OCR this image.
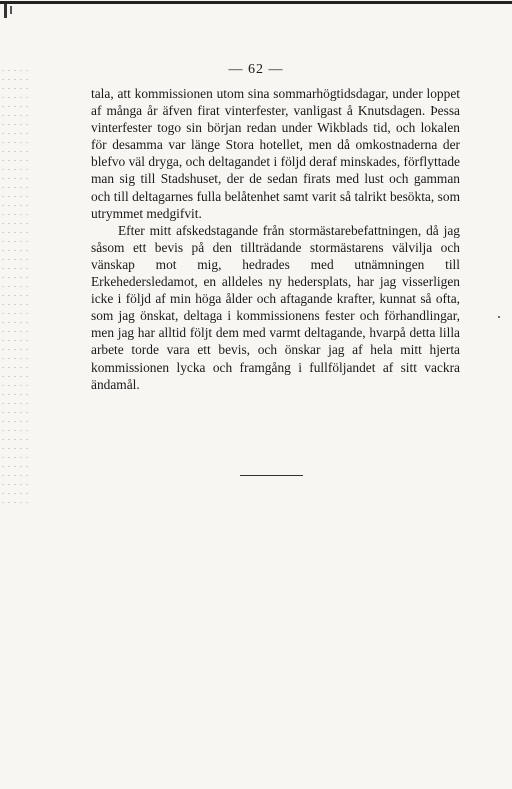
— 62 —

tala, att kommissionen utom sina sommarhögtidsdagar, under loppet af många år äfven firat vinterfester, vanligast å Knutsdagen. Þessa vinterfester togo sin början redan under Wikblads tid, och lokalen för desamma var länge Stora hotellet, men då omkostnaderna der blefvo väl dryga, och deltagandet i följd deraf minskades, förflyttade man sig till Stadshuset, der de sedan firats med lust och gamman och till deltagarnes fulla belåtenhet samt varit så talrikt besökta, som utrymmet medgifvit.

Efter mitt afskedstagande från stormästarebefattningen, då jag såsom ett bevis på den tillträdande stormästarens välvilja och vänskap mot mig, hedrades med utnämningen till Erkehedersledamot, en alldeles ny hedersplats, har jag visserligen icke i följd af min höga ålder och aftagande krafter, kunnat så ofta, som jag önskat, deltaga i kommissionens fester och förhandlingar, men jag har alltid följt dem med varmt deltagande, hvarpå detta lilla arbete torde vara ett bevis, och önskar jag af hela mitt hjerta kommissionen lycka och framgång i fullföljandet af sitt vackra ändamål.
